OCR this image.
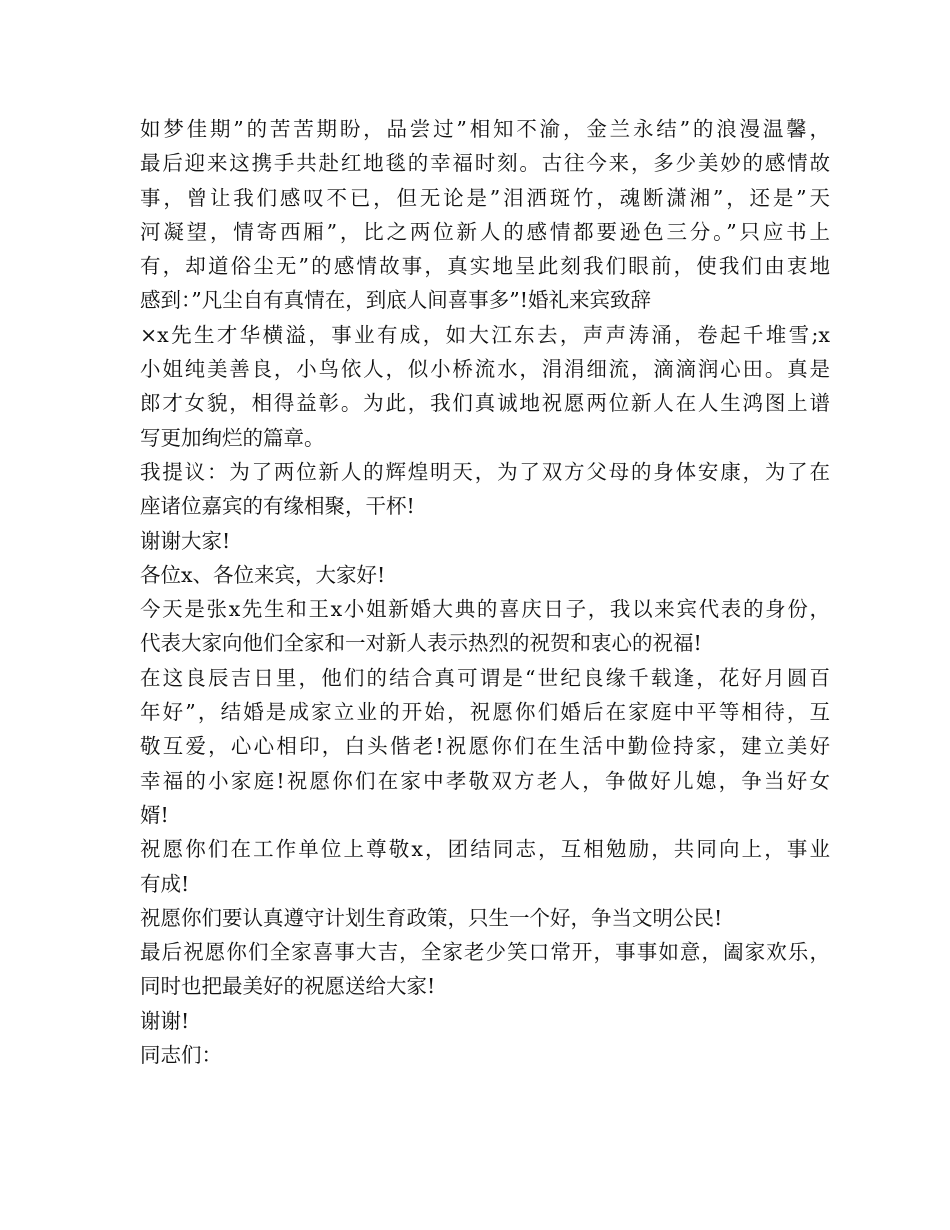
如梦佳期”的苦苦期盼，品尝过”相知不渝，金兰永结”的浪漫温馨，
最后迎来这携手共赴红地毯的幸福时刻。古往今来，多少美妙的感情故
事，曾让我们感叹不已，但无论是”泪洒斑竹，魂断潇湘”，还是”天
河凝望，情寄西厢”，比之两位新人的感情都要逊色三分。”只应书上
有，却道俗尘无”的感情故事，真实地呈此刻我们眼前，使我们由衷地
感到：”凡尘自有真情在，到底人间喜事多”!婚礼来宾致辞
×x先生才华横溢，事业有成，如大江东去，声声涛涌，卷起千堆雪;x
小姐纯美善良，小鸟依人，似小桥流水，涓涓细流，滴滴润心田。真是
郎才女貌，相得益彰。为此，我们真诚地祝愿两位新人在人生鸿图上谱
写更加绚烂的篇章。
我提议：为了两位新人的辉煌明天，为了双方父母的身体安康，为了在
座诸位嘉宾的有缘相聚，干杯!
谢谢大家!
各位x、各位来宾，大家好!
今天是张x先生和王x小姐新婚大典的喜庆日子，我以来宾代表的身份，
代表大家向他们全家和一对新人表示热烈的祝贺和衷心的祝福!
在这良辰吉日里，他们的结合真可谓是“世纪良缘千载逢，花好月圆百
年好”，结婚是成家立业的开始，祝愿你们婚后在家庭中平等相待，互
敬互爱，心心相印，白头偕老!祝愿你们在生活中勤俭持家，建立美好
幸福的小家庭!祝愿你们在家中孝敬双方老人，争做好儿媳，争当好女
婿!
祝愿你们在工作单位上尊敬x，团结同志，互相勉励，共同向上，事业
有成!
祝愿你们要认真遵守计划生育政策，只生一个好，争当文明公民!
最后祝愿你们全家喜事大吉，全家老少笑口常开，事事如意，阖家欢乐，
同时也把最美好的祝愿送给大家!
谢谢!
同志们：
